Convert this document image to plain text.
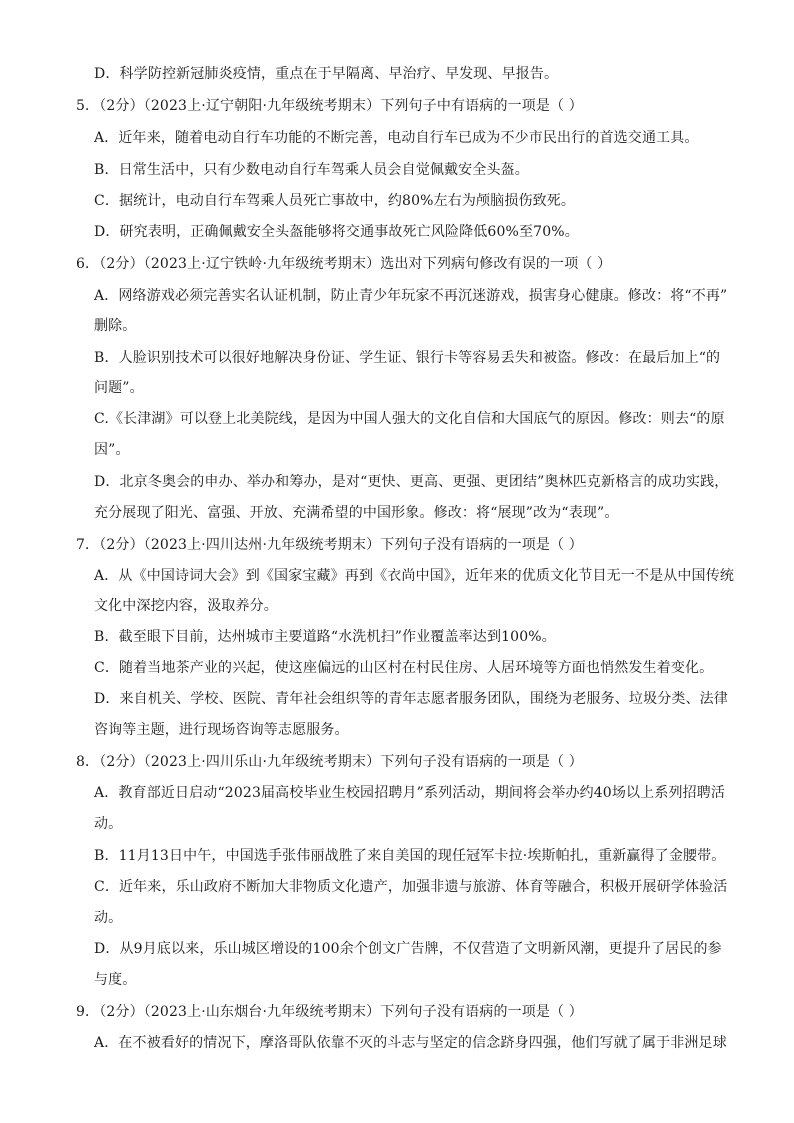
D．科学防控新冠肺炎疫情，重点在于早隔离、早治疗、早发现、早报告。
5．（2分）（2023上·辽宁朝阳·九年级统考期末）下列句子中有语病的一项是（ ）
A．近年来，随着电动自行车功能的不断完善，电动自行车已成为不少市民出行的首选交通工具。
B．日常生活中，只有少数电动自行车驾乘人员会自觉佩戴安全头盔。
C．据统计，电动自行车驾乘人员死亡事故中，约80%左右为颅脑损伤致死。
D．研究表明，正确佩戴安全头盔能够将交通事故死亡风险降低60%至70%。
6．（2分）（2023上·辽宁铁岭·九年级统考期末）选出对下列病句修改有误的一项（ ）
A．网络游戏必须完善实名认证机制，防止青少年玩家不再沉迷游戏，损害身心健康。修改：将“不再”
删除。
B．人脸识别技术可以很好地解决身份证、学生证、银行卡等容易丢失和被盗。修改：在最后加上“的
问题”。
C.《长津湖》可以登上北美院线，是因为中国人强大的文化自信和大国底气的原因。修改：则去“的原
因”。
D．北京冬奥会的申办、举办和筹办，是对“更快、更高、更强、更团结”奥林匹克新格言的成功实践，
充分展现了阳光、富强、开放、充满希望的中国形象。修改：将“展现”改为“表现”。
7．（2分）（2023上·四川达州·九年级统考期末）下列句子没有语病的一项是（ ）
A．从《中国诗词大会》到《国家宝藏》再到《衣尚中国》，近年来的优质文化节目无一不是从中国传统
文化中深挖内容，汲取养分。
B．截至眼下目前，达州城市主要道路“水洗机扫”作业覆盖率达到100%。
C．随着当地茶产业的兴起，使这座偏远的山区村在村民住房、人居环境等方面也悄然发生着变化。
D．来自机关、学校、医院、青年社会组织等的青年志愿者服务团队，围绕为老服务、垃圾分类、法律
咨询等主题，进行现场咨询等志愿服务。
8．（2分）（2023上·四川乐山·九年级统考期末）下列句子没有语病的一项是（ ）
A．教育部近日启动“2023届高校毕业生校园招聘月”系列活动，期间将会举办约40场以上系列招聘活
动。
B．11月13日中午，中国选手张伟丽战胜了来自美国的现任冠军卡拉·埃斯帕扎，重新赢得了金腰带。
C．近年来，乐山政府不断加大非物质文化遗产，加强非遗与旅游、体育等融合，积极开展研学体验活
动。
D．从9月底以来，乐山城区增设的100余个创文广告牌，不仅营造了文明新风潮，更提升了居民的参
与度。
9．（2分）（2023上·山东烟台·九年级统考期末）下列句子没有语病的一项是（ ）
A．在不被看好的情况下，摩洛哥队依靠不灭的斗志与坚定的信念跻身四强，他们写就了属于非洲足球
